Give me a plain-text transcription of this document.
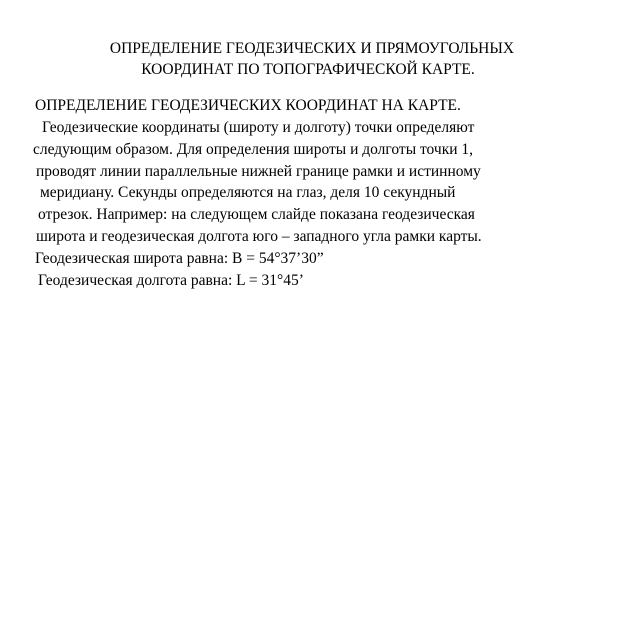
ОПРЕДЕЛЕНИЕ ГЕОДЕЗИЧЕСКИХ И ПРЯМОУГОЛЬНЫХ
КООРДИНАТ ПО ТОПОГРАФИЧЕСКОЙ КАРТЕ.
ОПРЕДЕЛЕНИЕ ГЕОДЕЗИЧЕСКИХ КООРДИНАТ НА КАРТЕ.
Геодезические координаты (широту и долготу) точки определяют
следующим образом. Для определения широты и долготы точки 1,
проводят линии параллельные нижней границе рамки и истинному
меридиану. Секунды определяются на глаз, деля 10 секундный
отрезок. Например: на следующем слайде показана геодезическая
широта и геодезическая долгота юго – западного угла рамки карты.
Геодезическая широта равна: B = 54°37’30”
Геодезическая долгота равна: L = 31°45’
